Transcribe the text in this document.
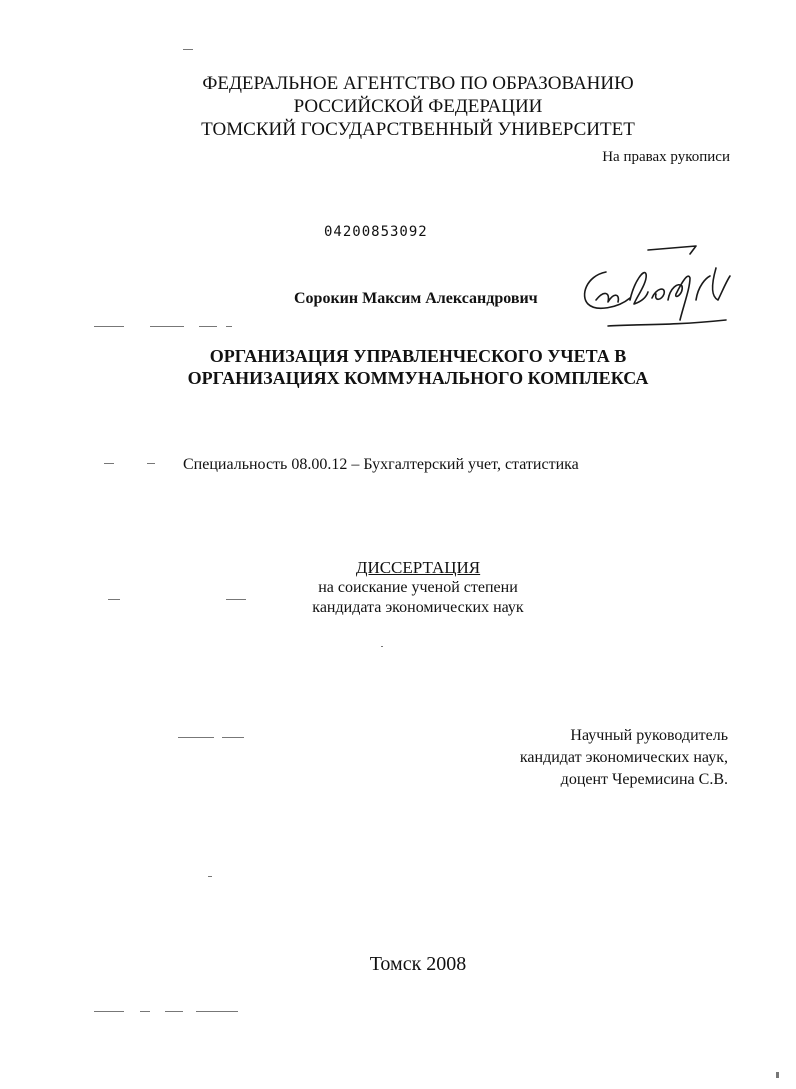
ФЕДЕРАЛЬНОЕ АГЕНТСТВО ПО ОБРАЗОВАНИЮ
РОССИЙСКОЙ ФЕДЕРАЦИИ
ТОМСКИЙ ГОСУДАРСТВЕННЫЙ УНИВЕРСИТЕТ
На правах рукописи
04200853092
Сорокин Максим Александрович
ОРГАНИЗАЦИЯ УПРАВЛЕНЧЕСКОГО УЧЕТА В
ОРГАНИЗАЦИЯХ КОММУНАЛЬНОГО КОМПЛЕКСА
Специальность 08.00.12 – Бухгалтерский учет, статистика
ДИССЕРТАЦИЯ
на соискание ученой степени
кандидата экономических наук
Научный руководитель
кандидат экономических наук,
доцент Черемисина С.В.
Томск 2008
